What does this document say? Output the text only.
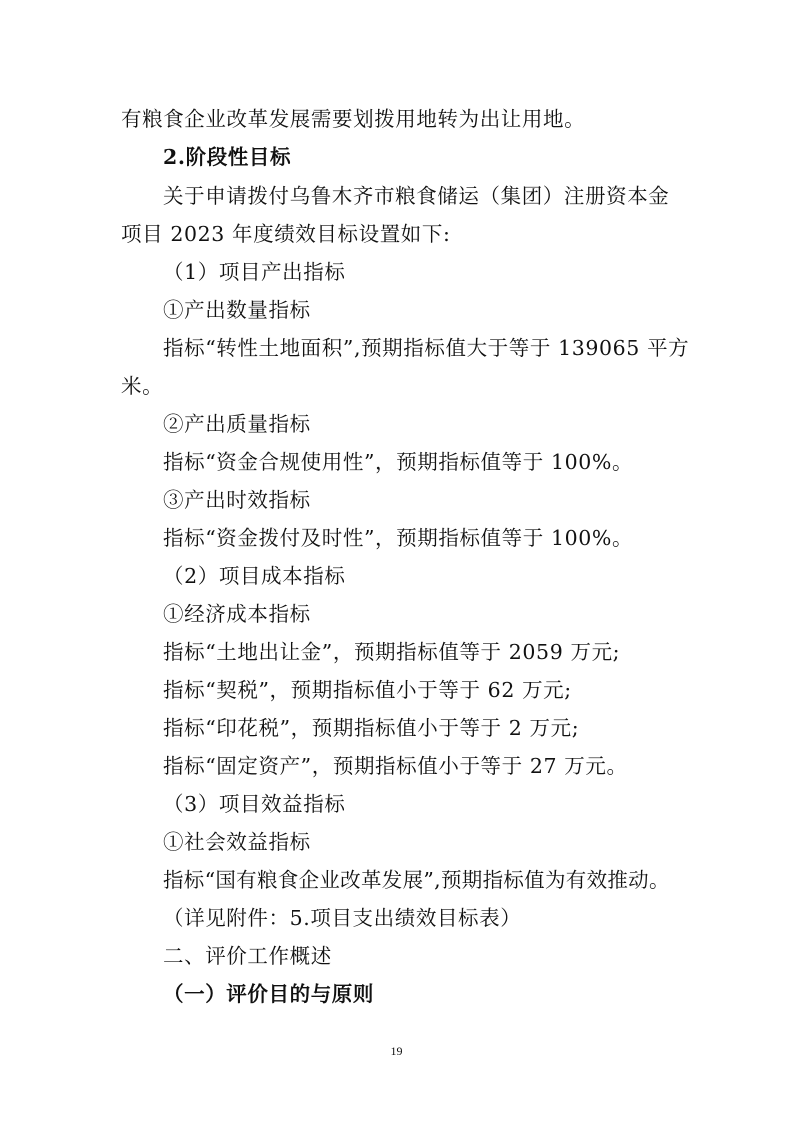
有粮食企业改革发展需要划拨用地转为出让用地。
2.阶段性目标
关于申请拨付乌鲁木齐市粮食储运（集团）注册资本金
项目 2023 年度绩效目标设置如下:
（1）项目产出指标
①产出数量指标
指标“转性土地面积”,预期指标值大于等于 139065 平方
米。
②产出质量指标
指标“资金合规使用性”，预期指标值等于 100%。
③产出时效指标
指标“资金拨付及时性”，预期指标值等于 100%。
（2）项目成本指标
①经济成本指标
指标“土地出让金”，预期指标值等于 2059 万元;
指标“契税”，预期指标值小于等于 62 万元;
指标“印花税”，预期指标值小于等于 2 万元;
指标“固定资产”，预期指标值小于等于 27 万元。
（3）项目效益指标
①社会效益指标
指标“国有粮食企业改革发展”,预期指标值为有效推动。
（详见附件：5.项目支出绩效目标表）
二、评价工作概述
（一）评价目的与原则
19
